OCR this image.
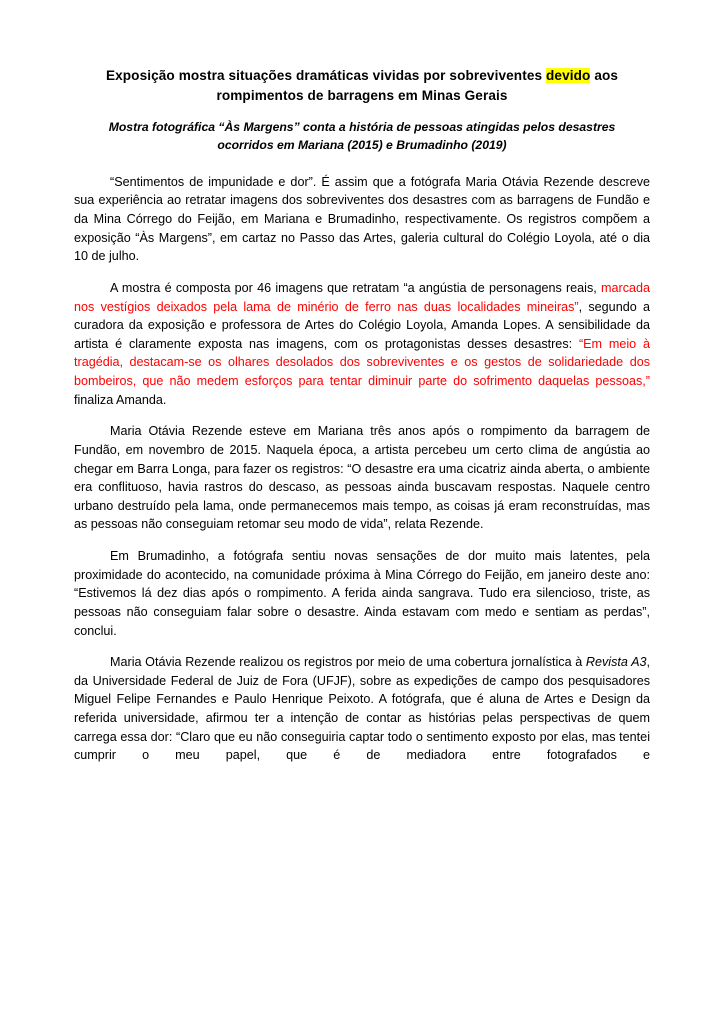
Exposição mostra situações dramáticas vividas por sobreviventes devido aos rompimentos de barragens em Minas Gerais
Mostra fotográfica “Às Margens” conta a história de pessoas atingidas pelos desastres ocorridos em Mariana (2015) e Brumadinho (2019)

“Sentimentos de impunidade e dor”. É assim que a fotógrafa Maria Otávia Rezende descreve sua experiência ao retratar imagens dos sobreviventes dos desastres com as barragens de Fundão e da Mina Córrego do Feijão, em Mariana e Brumadinho, respectivamente. Os registros compõem a exposição “Às Margens”, em cartaz no Passo das Artes, galeria cultural do Colégio Loyola, até o dia 10 de julho.

A mostra é composta por 46 imagens que retratam “a angústia de personagens reais, marcada nos vestígios deixados pela lama de minério de ferro nas duas localidades mineiras”, segundo a curadora da exposição e professora de Artes do Colégio Loyola, Amanda Lopes. A sensibilidade da artista é claramente exposta nas imagens, com os protagonistas desses desastres: “Em meio à tragédia, destacam-se os olhares desolados dos sobreviventes e os gestos de solidariedade dos bombeiros, que não medem esforços para tentar diminuir parte do sofrimento daquelas pessoas,” finaliza Amanda.

Maria Otávia Rezende esteve em Mariana três anos após o rompimento da barragem de Fundão, em novembro de 2015. Naquela época, a artista percebeu um certo clima de angústia ao chegar em Barra Longa, para fazer os registros: “O desastre era uma cicatriz ainda aberta, o ambiente era conflituoso, havia rastros do descaso, as pessoas ainda buscavam respostas. Naquele centro urbano destruído pela lama, onde permanecemos mais tempo, as coisas já eram reconstruídas, mas as pessoas não conseguiam retomar seu modo de vida”, relata Rezende.

Em Brumadinho, a fotógrafa sentiu novas sensações de dor muito mais latentes, pela proximidade do acontecido, na comunidade próxima à Mina Córrego do Feijão, em janeiro deste ano: “Estivemos lá dez dias após o rompimento. A ferida ainda sangrava. Tudo era silencioso, triste, as pessoas não conseguiam falar sobre o desastre. Ainda estavam com medo e sentiam as perdas”, conclui.

Maria Otávia Rezende realizou os registros por meio de uma cobertura jornalística à Revista A3, da Universidade Federal de Juiz de Fora (UFJF), sobre as expedições de campo dos pesquisadores Miguel Felipe Fernandes e Paulo Henrique Peixoto. A fotógrafa, que é aluna de Artes e Design da referida universidade, afirmou ter a intenção de contar as histórias pelas perspectivas de quem carrega essa dor: “Claro que eu não conseguiria captar todo o sentimento exposto por elas, mas tentei cumprir o meu papel, que é de mediadora entre fotografados e
